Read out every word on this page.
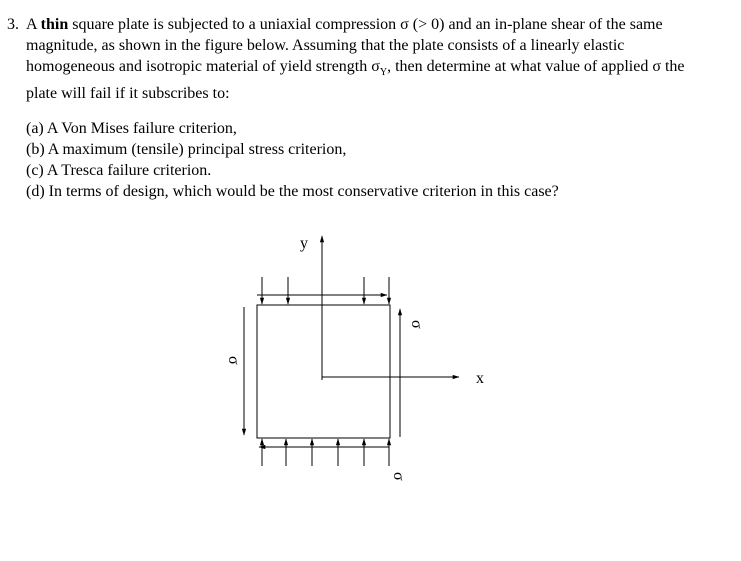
3. A thin square plate is subjected to a uniaxial compression σ (> 0) and an in-plane shear of the same magnitude, as shown in the figure below. Assuming that the plate consists of a linearly elastic homogeneous and isotropic material of yield strength $\sigma_Y$, then determine at what value of applied σ the plate will fail if it subscribes to:
(a) A Von Mises failure criterion,
(b) A maximum (tensile) principal stress criterion,
(c) A Tresca failure criterion.
(d) In terms of design, which would be the most conservative criterion in this case?
y
x
σ
σ
σ
